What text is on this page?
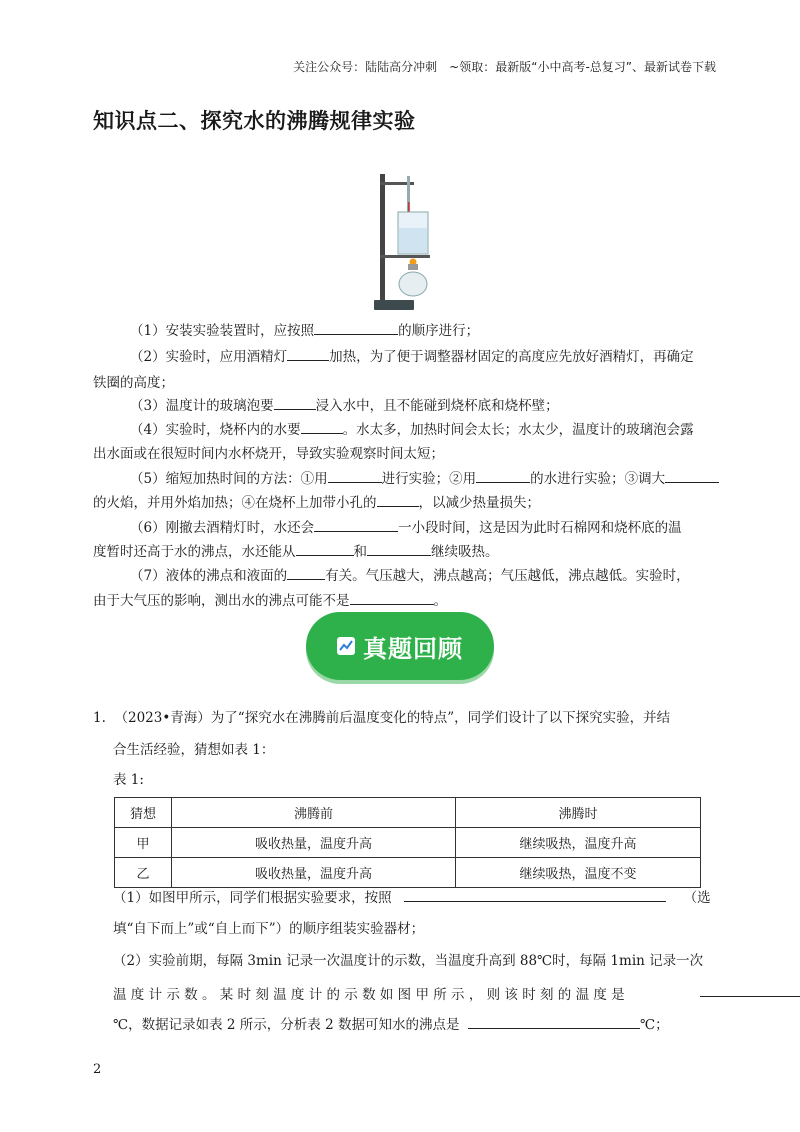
关注公众号：陆陆高分冲刺　~领取：最新版“小中高考-总复习”、最新试卷下载
知识点二、探究水的沸腾规律实验
（1）安装实验装置时，应按照	的顺序进行；
（2）实验时，应用酒精灯	加热，为了便于调整器材固定的高度应先放好酒精灯，再确定
铁圈的高度；
（3）温度计的玻璃泡要	浸入水中，且不能碰到烧杯底和烧杯壁；
（4）实验时，烧杯内的水要	。水太多，加热时间会太长；水太少，温度计的玻璃泡会露
出水面或在很短时间内水杯烧开，导致实验观察时间太短；
（5）缩短加热时间的方法：①用	进行实验；②用	的水进行实验；③调大
的火焰，并用外焰加热；④在烧杯上加带小孔的	，以减少热量损失；
（6）刚撤去酒精灯时，水还会	一小段时间，这是因为此时石棉网和烧杯底的温
度暂时还高于水的沸点，水还能从	和	继续吸热。
（7）液体的沸点和液面的	有关。气压越大，沸点越高；气压越低，沸点越低。实验时，
由于大气压的影响，测出水的沸点可能不是	。
真题回顾
1. （2023•青海）为了“探究水在沸腾前后温度变化的特点”，同学们设计了以下探究实验，并结
合生活经验，猜想如表 1：
表 1:
猜想	沸腾前	沸腾时
甲	吸收热量，温度升高	继续吸热，温度升高
乙	吸收热量，温度升高	继续吸热，温度不变
（1）如图甲所示，同学们根据实验要求，按照	（选
填“自下而上”或“自上而下”）的顺序组装实验器材；
（2）实验前期，每隔 3min 记录一次温度计的示数，当温度升高到 88℃时，每隔 1min 记录一次
温 度 计 示 数 。 某 时 刻 温 度 计 的 示 数 如 图 甲 所 示 ， 则 该 时 刻 的 温 度 是
℃，数据记录如表 2 所示，分析表 2 数据可知水的沸点是	℃；
2
